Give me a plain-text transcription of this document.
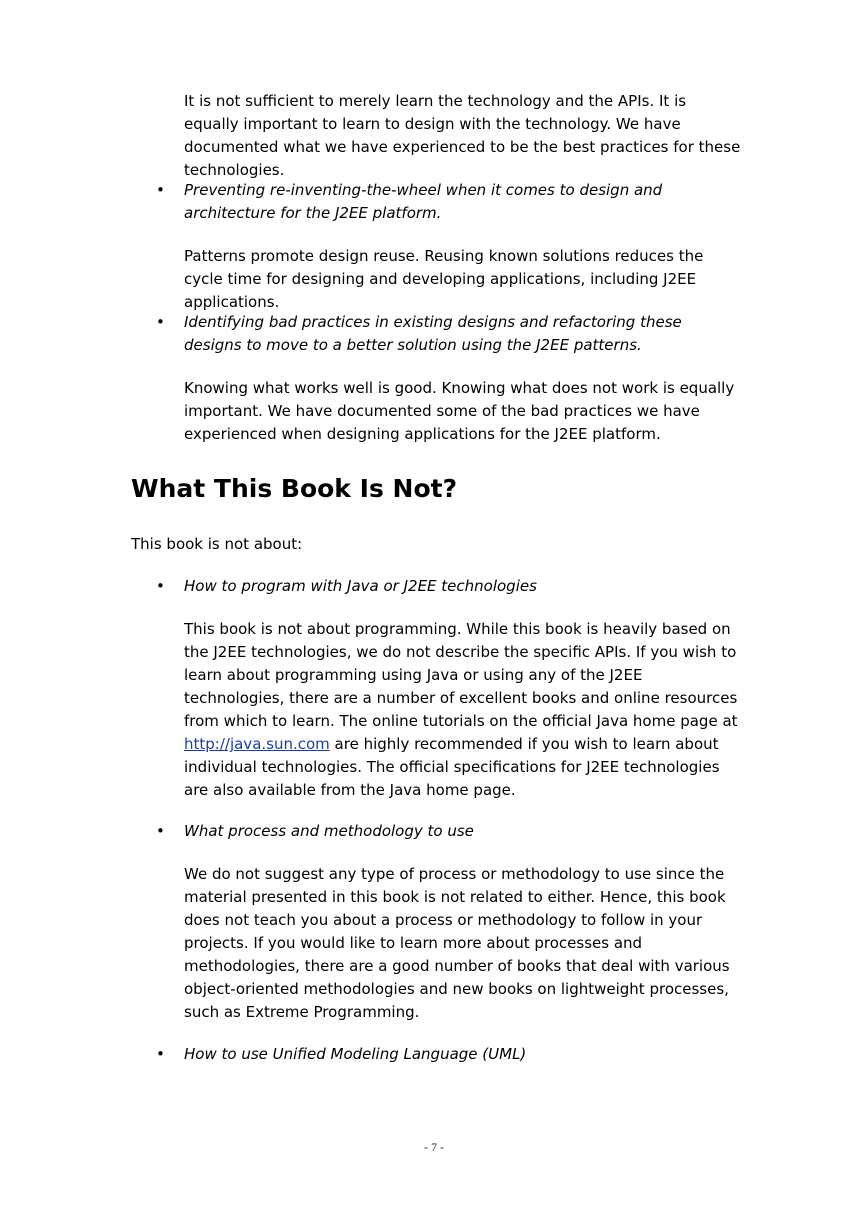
It is not sufficient to merely learn the technology and the APIs. It is equally important to learn to design with the technology. We have documented what we have experienced to be the best practices for these technologies.

• Preventing re-inventing-the-wheel when it comes to design and architecture for the J2EE platform.

Patterns promote design reuse. Reusing known solutions reduces the cycle time for designing and developing applications, including J2EE applications.

• Identifying bad practices in existing designs and refactoring these designs to move to a better solution using the J2EE patterns.

Knowing what works well is good. Knowing what does not work is equally important. We have documented some of the bad practices we have experienced when designing applications for the J2EE platform.

What This Book Is Not?

This book is not about:

• How to program with Java or J2EE technologies

This book is not about programming. While this book is heavily based on the J2EE technologies, we do not describe the specific APIs. If you wish to learn about programming using Java or using any of the J2EE technologies, there are a number of excellent books and online resources from which to learn. The online tutorials on the official Java home page at http://java.sun.com are highly recommended if you wish to learn about individual technologies. The official specifications for J2EE technologies are also available from the Java home page.

• What process and methodology to use

We do not suggest any type of process or methodology to use since the material presented in this book is not related to either. Hence, this book does not teach you about a process or methodology to follow in your projects. If you would like to learn more about processes and methodologies, there are a good number of books that deal with various object-oriented methodologies and new books on lightweight processes, such as Extreme Programming.

• How to use Unified Modeling Language (UML)

- 7 -
